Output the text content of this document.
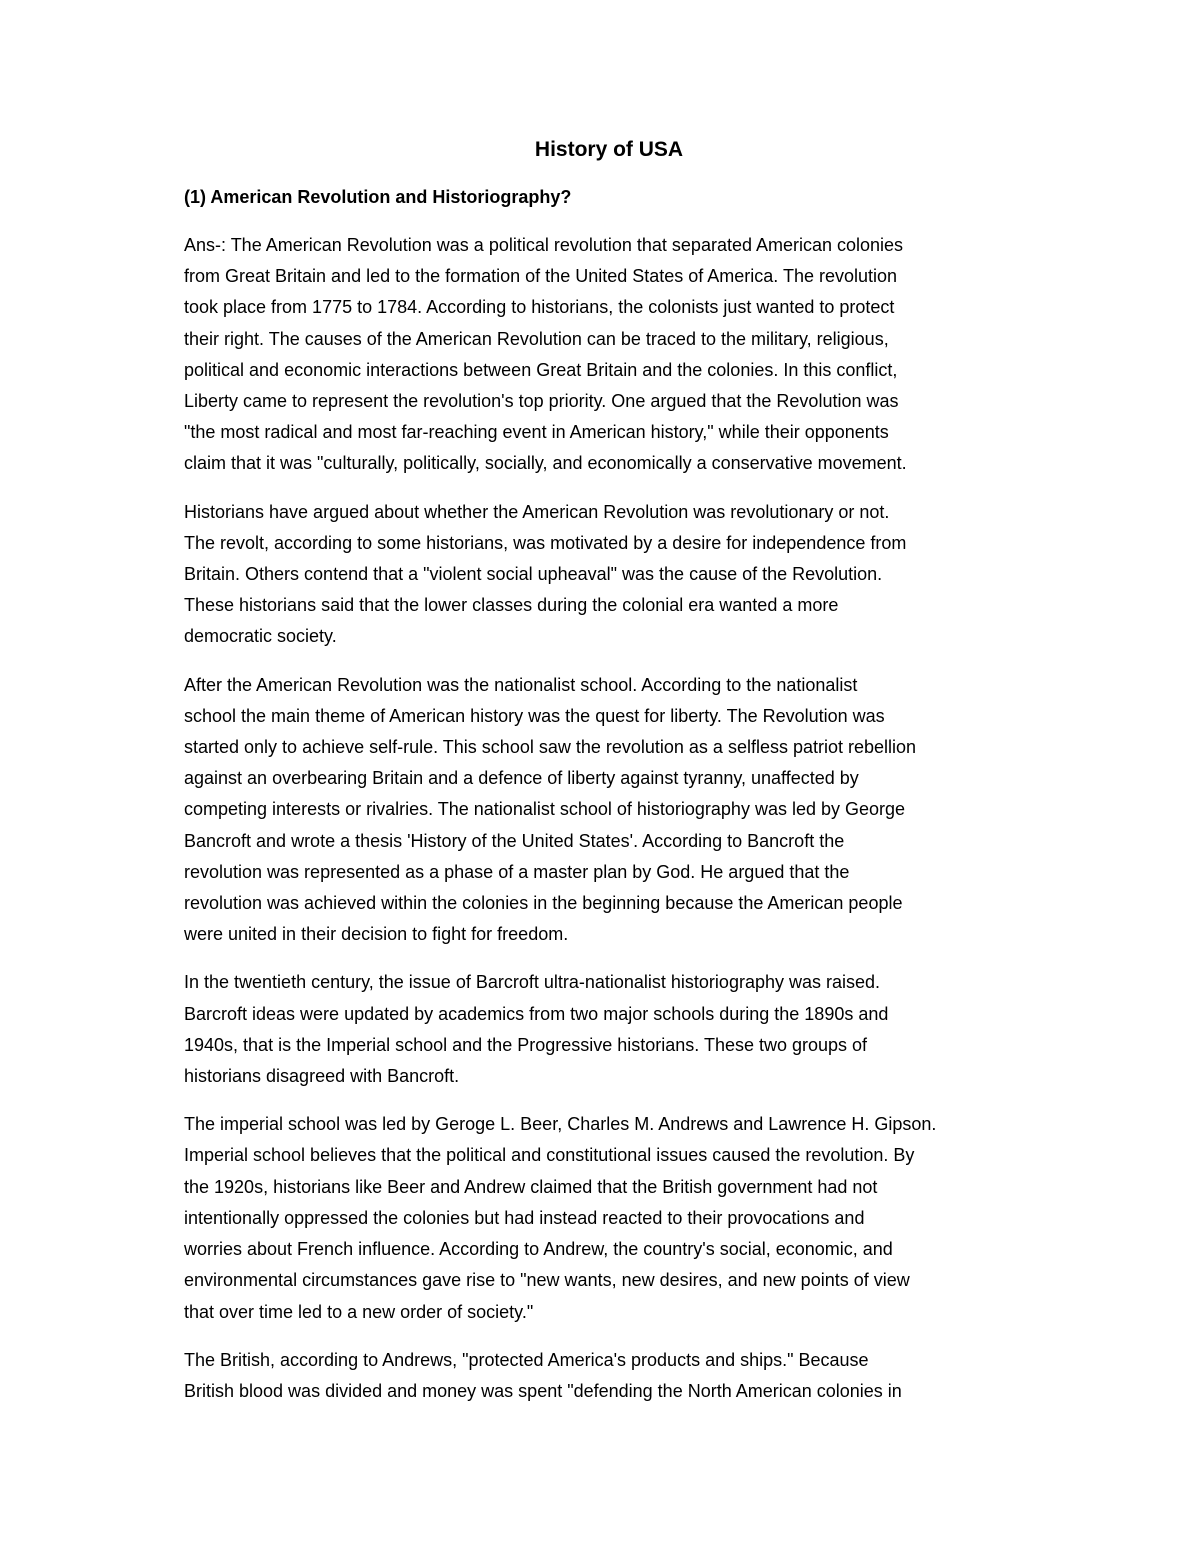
History of USA
(1) American Revolution and Historiography?
Ans-: The American Revolution was a political revolution that separated American colonies
from Great Britain and led to the formation of the United States of America. The revolution
took place from 1775 to 1784. According to historians, the colonists just wanted to protect
their right. The causes of the American Revolution can be traced to the military, religious,
political and economic interactions between Great Britain and the colonies. In this conflict,
Liberty came to represent the revolution's top priority. One argued that the Revolution was
"the most radical and most far-reaching event in American history," while their opponents
claim that it was "culturally, politically, socially, and economically a conservative movement.
Historians have argued about whether the American Revolution was revolutionary or not.
The revolt, according to some historians, was motivated by a desire for independence from
Britain. Others contend that a "violent social upheaval" was the cause of the Revolution.
These historians said that the lower classes during the colonial era wanted a more
democratic society.
After the American Revolution was the nationalist school. According to the nationalist
school the main theme of American history was the quest for liberty. The Revolution was
started only to achieve self-rule. This school saw the revolution as a selfless patriot rebellion
against an overbearing Britain and a defence of liberty against tyranny, unaffected by
competing interests or rivalries. The nationalist school of historiography was led by George
Bancroft and wrote a thesis 'History of the United States'. According to Bancroft the
revolution was represented as a phase of a master plan by God. He argued that the
revolution was achieved within the colonies in the beginning because the American people
were united in their decision to fight for freedom.
In the twentieth century, the issue of Barcroft ultra-nationalist historiography was raised.
Barcroft ideas were updated by academics from two major schools during the 1890s and
1940s, that is the Imperial school and the Progressive historians. These two groups of
historians disagreed with Bancroft.
The imperial school was led by Geroge L. Beer, Charles M. Andrews and Lawrence H. Gipson.
Imperial school believes that the political and constitutional issues caused the revolution. By
the 1920s, historians like Beer and Andrew claimed that the British government had not
intentionally oppressed the colonies but had instead reacted to their provocations and
worries about French influence. According to Andrew, the country's social, economic, and
environmental circumstances gave rise to "new wants, new desires, and new points of view
that over time led to a new order of society."
The British, according to Andrews, "protected America's products and ships." Because
British blood was divided and money was spent "defending the North American colonies in
